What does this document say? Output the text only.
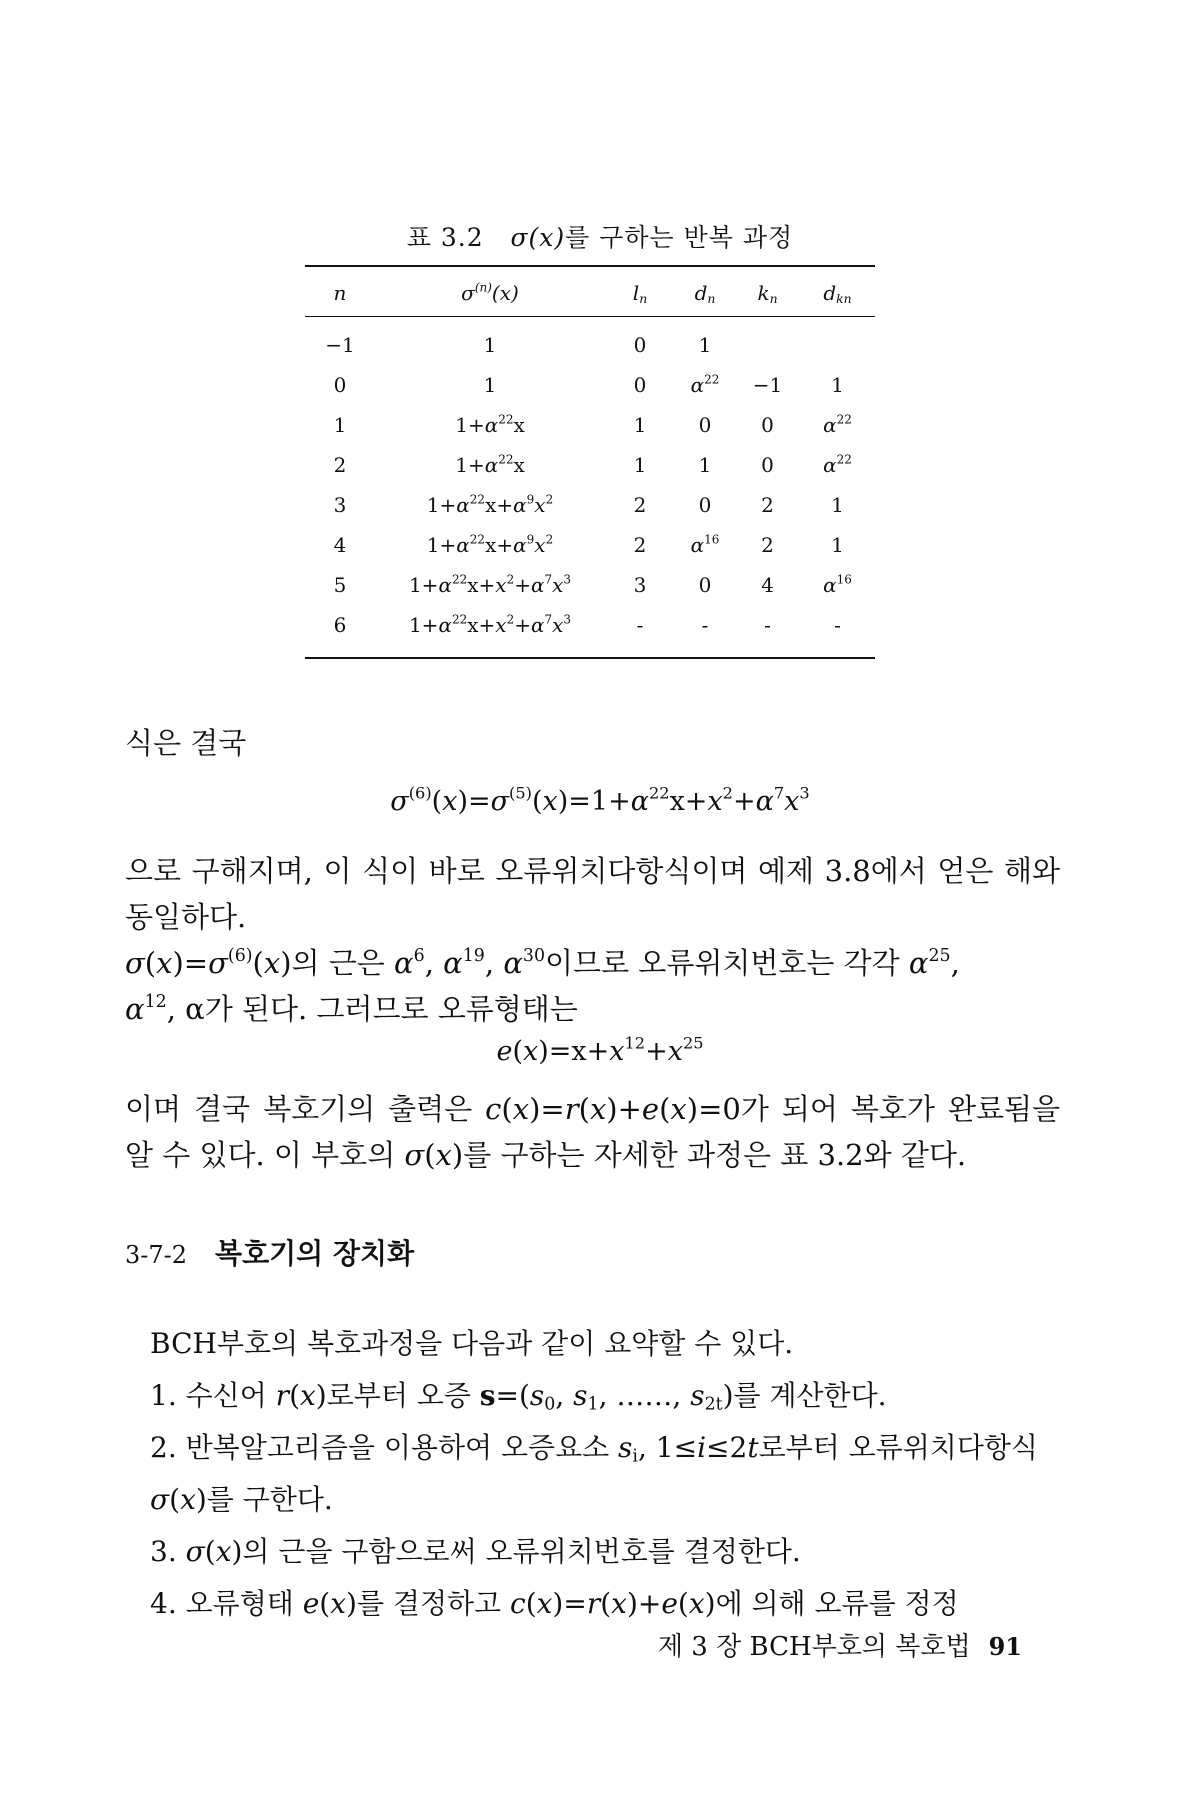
표 3.2 σ(x)를 구하는 반복 과정
n	$\sigma^{(n)}(x)$	$l_n$	$d_n$	$k_n$	$d_{kn}$
−1	1	0	1		
0	1	0	$\alpha^{22}$	−1	1
1	$1+\alpha^{22}x$	1	0	0	$\alpha^{22}$
2	$1+\alpha^{22}x$	1	1	0	$\alpha^{22}$
3	$1+\alpha^{22}x+\alpha^9x^2$	2	0	2	1
4	$1+\alpha^{22}x+\alpha^9x^2$	2	$\alpha^{16}$	2	1
5	$1+\alpha^{22}x+x^2+\alpha^7x^3$	3	0	4	$\alpha^{16}$
6	$1+\alpha^{22}x+x^2+\alpha^7x^3$	-	-	-	-
식은 결국
$\sigma^{(6)}(x)=\sigma^{(5)}(x)=1+\alpha^{22}x+x^2+\alpha^7x^3$
으로 구해지며, 이 식이 바로 오류위치다항식이며 예제 3.8에서 얻은 해와 동일하다.
$\sigma(x)=\sigma^{(6)}(x)$의 근은 $\alpha^6$, $\alpha^{19}$, $\alpha^{30}$이므로 오류위치번호는 각각 $\alpha^{25}$,
$\alpha^{12}$, α가 된다. 그러므로 오류형태는
$e(x)=x+x^{12}+x^{25}$
이며 결국 복호기의 출력은 c(x)=r(x)+e(x)=0가 되어 복호가 완료됨을 알 수 있다. 이 부호의 σ(x)를 구하는 자세한 과정은 표 3.2와 같다.
3-7-2 복호기의 장치화
BCH부호의 복호과정을 다음과 같이 요약할 수 있다.
1. 수신어 r(x)로부터 오증 $s=(s_0$, $s_1$, ……, $s_{2t}$)를 계산한다.
2. 반복알고리즘을 이용하여 오증요소 $s_i$, 1≤i≤2t로부터 오류위치다항식 σ(x)를 구한다.
3. σ(x)의 근을 구함으로써 오류위치번호를 결정한다.
4. 오류형태 e(x)를 결정하고 c(x)=r(x)+e(x)에 의해 오류를 정정
제 3 장 BCH부호의 복호법 91
